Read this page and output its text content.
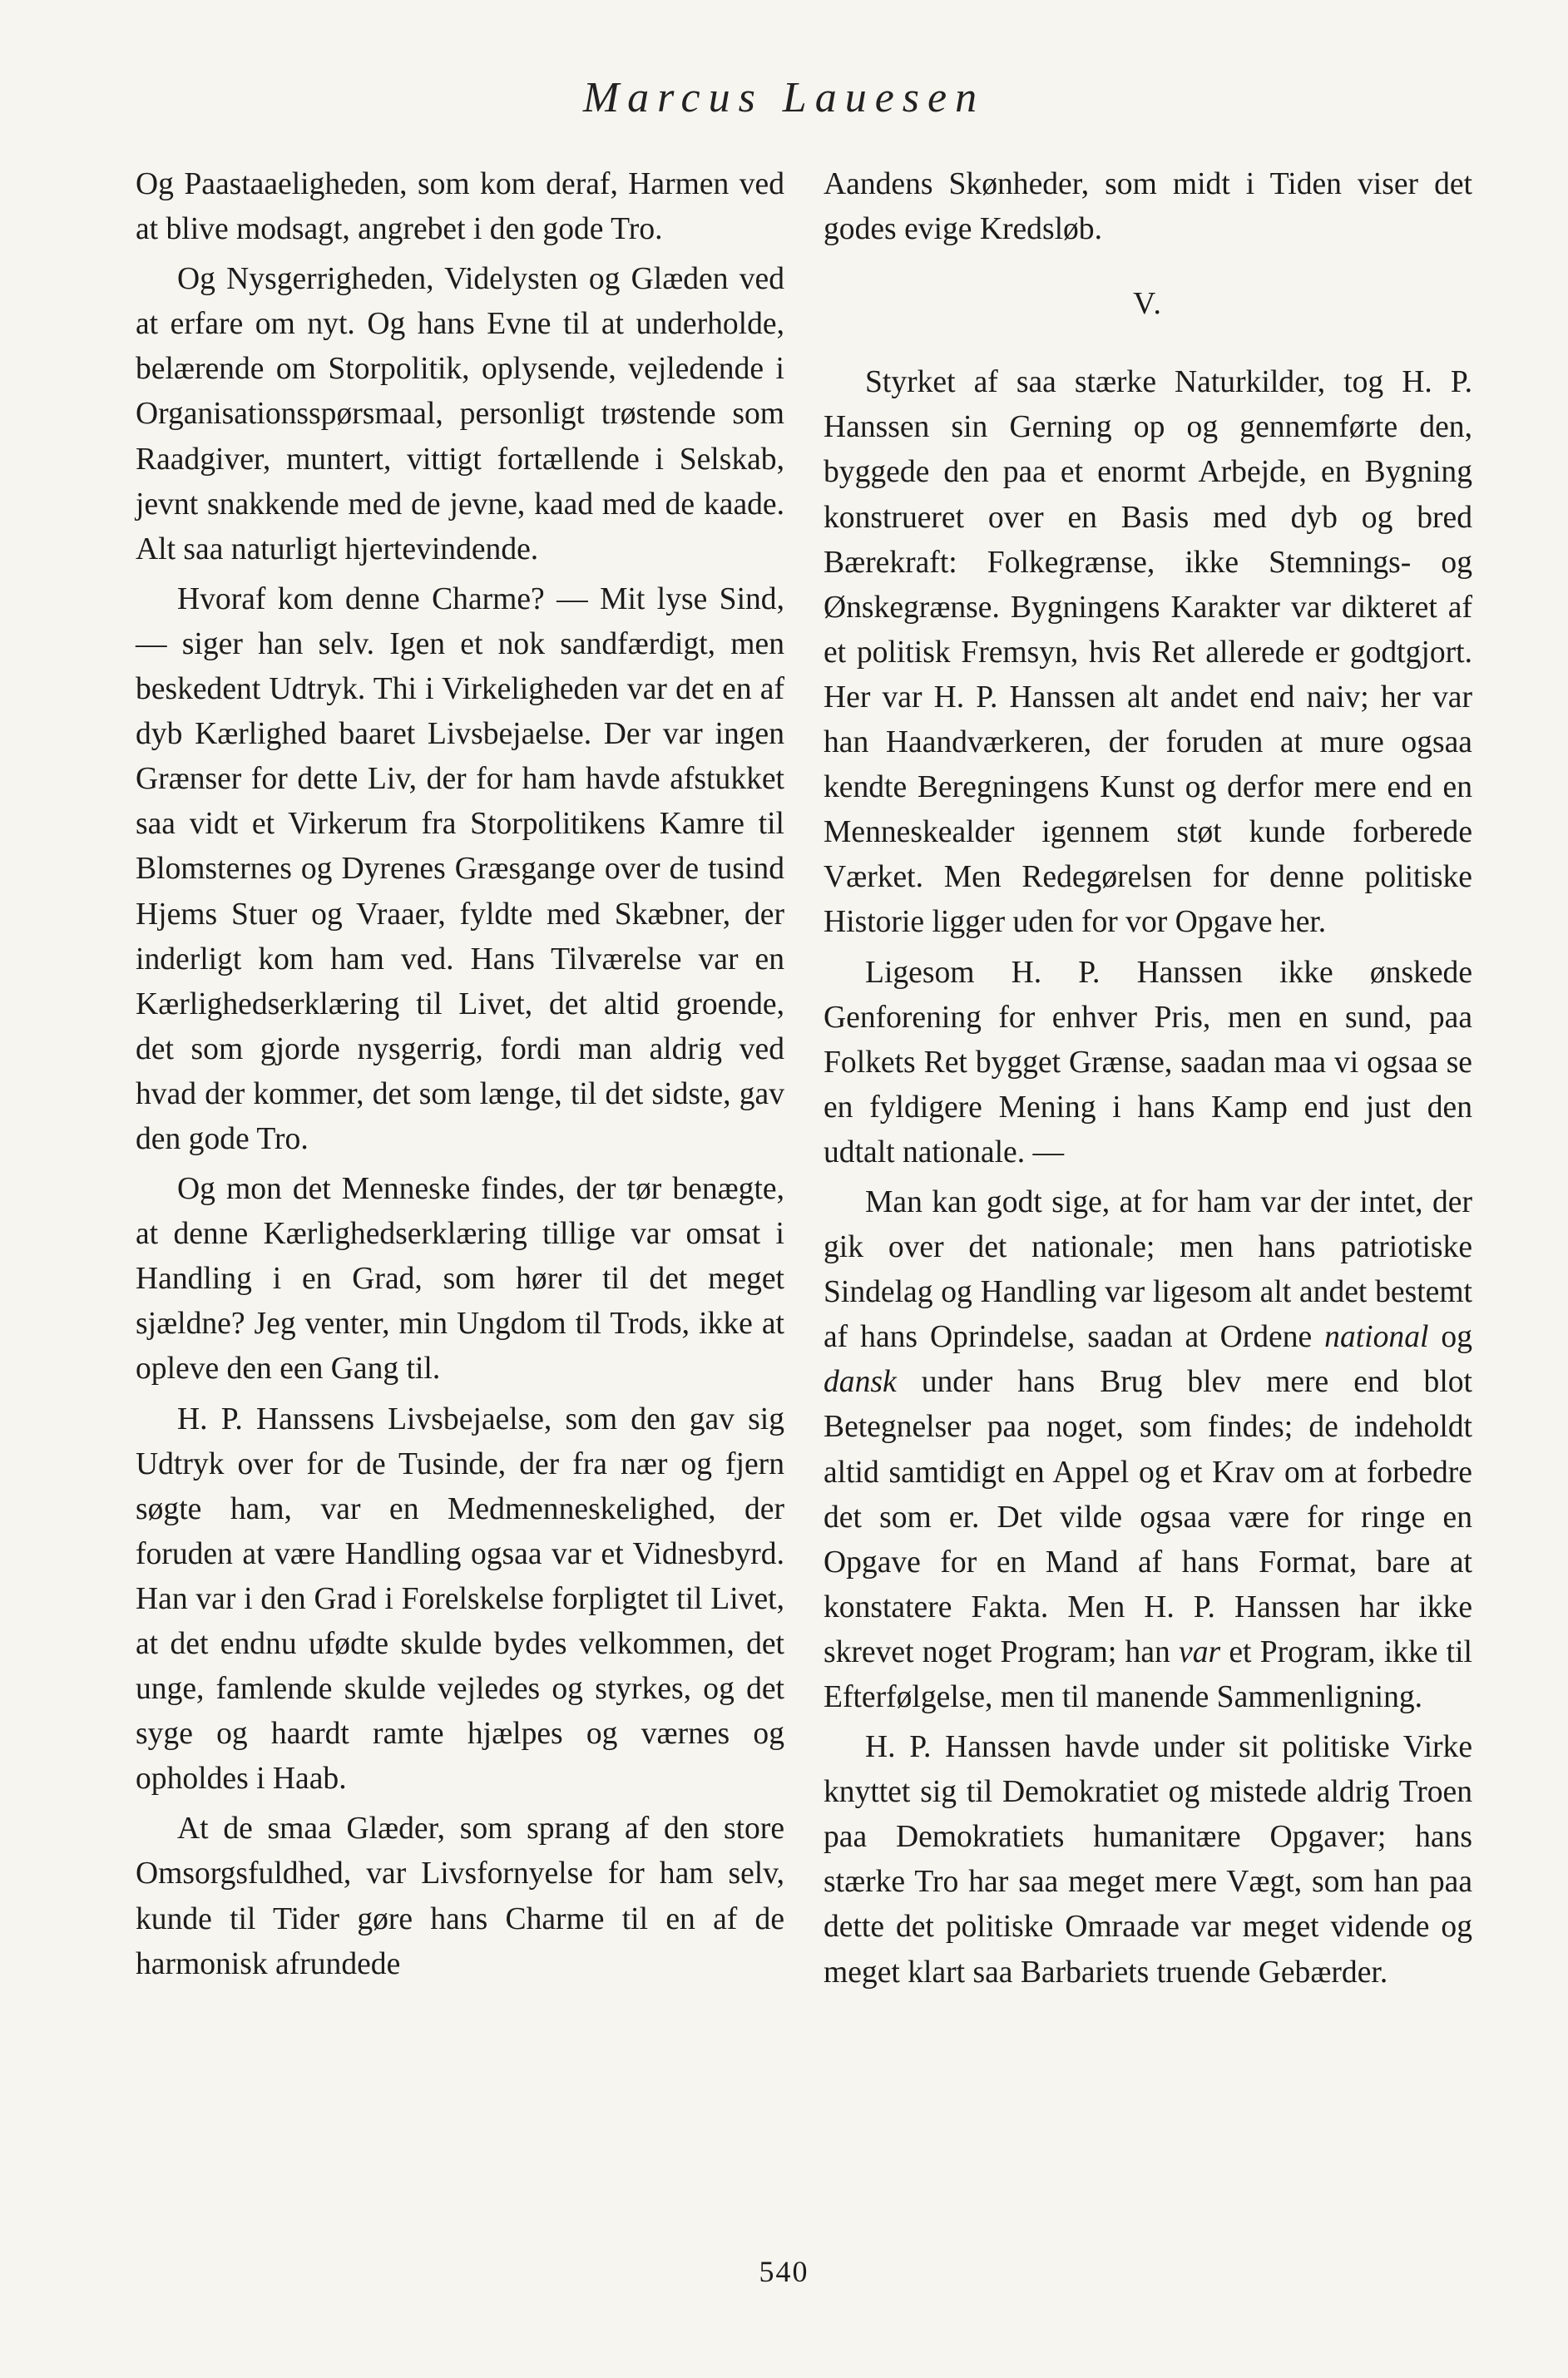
Marcus Lauesen

Og Paastaaeligheden, som kom deraf, Harmen ved at blive modsagt, angrebet i den gode Tro.

Og Nysgerrigheden, Videlysten og Glæden ved at erfare om nyt. Og hans Evne til at underholde, belærende om Storpolitik, oplysende, vejledende i Organisationsspørsmaal, personligt trøstende som Raadgiver, muntert, vittigt fortællende i Selskab, jevnt snakkende med de jevne, kaad med de kaade. Alt saa naturligt hjertevindende.

Hvoraf kom denne Charme? — Mit lyse Sind, — siger han selv. Igen et nok sandfærdigt, men beskedent Udtryk. Thi i Virkeligheden var det en af dyb Kærlighed baaret Livsbejaelse. Der var ingen Grænser for dette Liv, der for ham havde afstukket saa vidt et Virkerum fra Storpolitikens Kamre til Blomsternes og Dyrenes Græsgange over de tusind Hjems Stuer og Vraaer, fyldte med Skæbner, der inderligt kom ham ved. Hans Tilværelse var en Kærlighedserklæring til Livet, det altid groende, det som gjorde nysgerrig, fordi man aldrig ved hvad der kommer, det som længe, til det sidste, gav den gode Tro.

Og mon det Menneske findes, der tør benægte, at denne Kærlighedserklæring tillige var omsat i Handling i en Grad, som hører til det meget sjældne? Jeg venter, min Ungdom til Trods, ikke at opleve den een Gang til.

H. P. Hanssens Livsbejaelse, som den gav sig Udtryk over for de Tusinde, der fra nær og fjern søgte ham, var en Medmenneskelighed, der foruden at være Handling ogsaa var et Vidnesbyrd. Han var i den Grad i Forelskelse forpligtet til Livet, at det endnu ufødte skulde bydes velkommen, det unge, famlende skulde vejledes og styrkes, og det syge og haardt ramte hjælpes og værnes og opholdes i Haab.

At de smaa Glæder, som sprang af den store Omsorgsfuldhed, var Livsfornyelse for ham selv, kunde til Tider gøre hans Charme til en af de harmonisk afrundede

Aandens Skønheder, som midt i Tiden viser det godes evige Kredsløb.

V.

Styrket af saa stærke Naturkilder, tog H. P. Hanssen sin Gerning op og gennemførte den, byggede den paa et enormt Arbejde, en Bygning konstrueret over en Basis med dyb og bred Bærekraft: Folkegrænse, ikke Stemnings- og Ønskegrænse. Bygningens Karakter var dikteret af et politisk Fremsyn, hvis Ret allerede er godtgjort. Her var H. P. Hanssen alt andet end naiv; her var han Haandværkeren, der foruden at mure ogsaa kendte Beregningens Kunst og derfor mere end en Menneskealder igennem støt kunde forberede Værket. Men Redegørelsen for denne politiske Historie ligger uden for vor Opgave her.

Ligesom H. P. Hanssen ikke ønskede Genforening for enhver Pris, men en sund, paa Folkets Ret bygget Grænse, saadan maa vi ogsaa se en fyldigere Mening i hans Kamp end just den udtalt nationale. —

Man kan godt sige, at for ham var der intet, der gik over det nationale; men hans patriotiske Sindelag og Handling var ligesom alt andet bestemt af hans Oprindelse, saadan at Ordene national og dansk under hans Brug blev mere end blot Betegnelser paa noget, som findes; de indeholdt altid samtidigt en Appel og et Krav om at forbedre det som er. Det vilde ogsaa være for ringe en Opgave for en Mand af hans Format, bare at konstatere Fakta. Men H. P. Hanssen har ikke skrevet noget Program; han var et Program, ikke til Efterfølgelse, men til manende Sammenligning.

H. P. Hanssen havde under sit politiske Virke knyttet sig til Demokratiet og mistede aldrig Troen paa Demokratiets humanitære Opgaver; hans stærke Tro har saa meget mere Vægt, som han paa dette det politiske Omraade var meget vidende og meget klart saa Barbariets truende Gebærder.

540
